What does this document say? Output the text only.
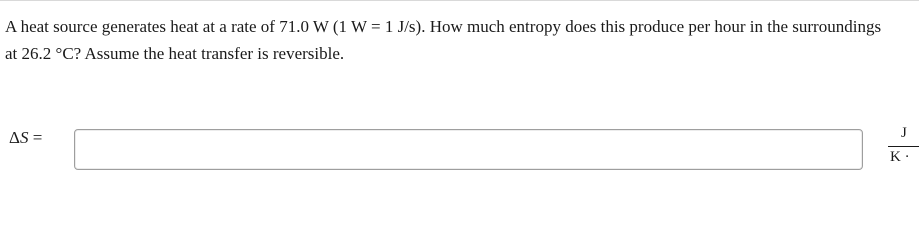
A heat source generates heat at a rate of 71.0 W (1 W = 1 J/s). How much entropy does this produce per hour in the surroundings at 26.2 °C? Assume the heat transfer is reversible.

ΔS =	J
K ·
